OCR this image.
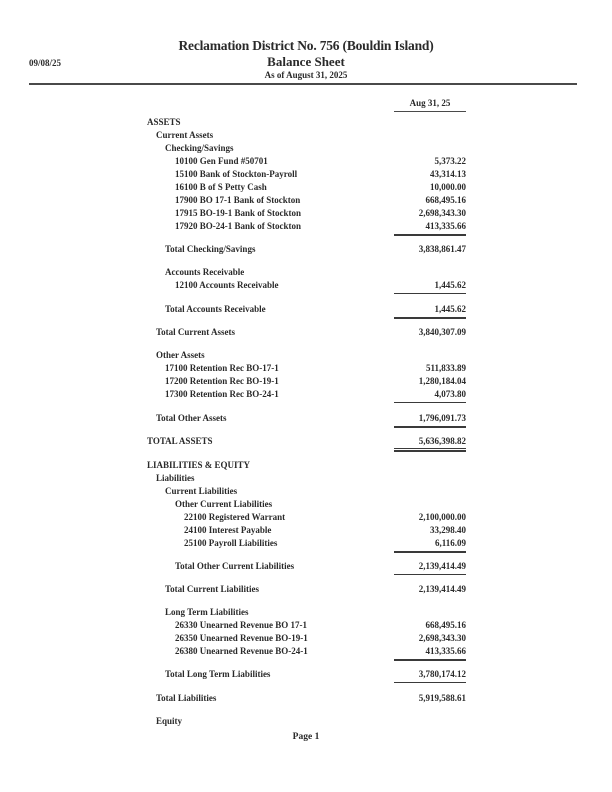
Reclamation District No. 756 (Bouldin Island)
Balance Sheet
As of August 31, 2025
09/08/25
Aug 31, 25
ASSETS
Current Assets
Checking/Savings
10100 Gen Fund #50701	5,373.22
15100 Bank of Stockton-Payroll	43,314.13
16100 B of S Petty Cash	10,000.00
17900 BO 17-1 Bank of Stockton	668,495.16
17915 BO-19-1 Bank of Stockton	2,698,343.30
17920 BO-24-1 Bank of Stockton	413,335.66
Total Checking/Savings	3,838,861.47
Accounts Receivable
12100 Accounts Receivable	1,445.62
Total Accounts Receivable	1,445.62
Total Current Assets	3,840,307.09
Other Assets
17100 Retention Rec BO-17-1	511,833.89
17200 Retention Rec BO-19-1	1,280,184.04
17300 Retention Rec BO-24-1	4,073.80
Total Other Assets	1,796,091.73
TOTAL ASSETS	5,636,398.82
LIABILITIES & EQUITY
Liabilities
Current Liabilities
Other Current Liabilities
22100 Registered Warrant	2,100,000.00
24100 Interest Payable	33,298.40
25100 Payroll Liabilities	6,116.09
Total Other Current Liabilities	2,139,414.49
Total Current Liabilities	2,139,414.49
Long Term Liabilities
26330 Unearned Revenue BO 17-1	668,495.16
26350 Unearned Revenue BO-19-1	2,698,343.30
26380 Unearned Revenue BO-24-1	413,335.66
Total Long Term Liabilities	3,780,174.12
Total Liabilities	5,919,588.61
Equity
Page 1
